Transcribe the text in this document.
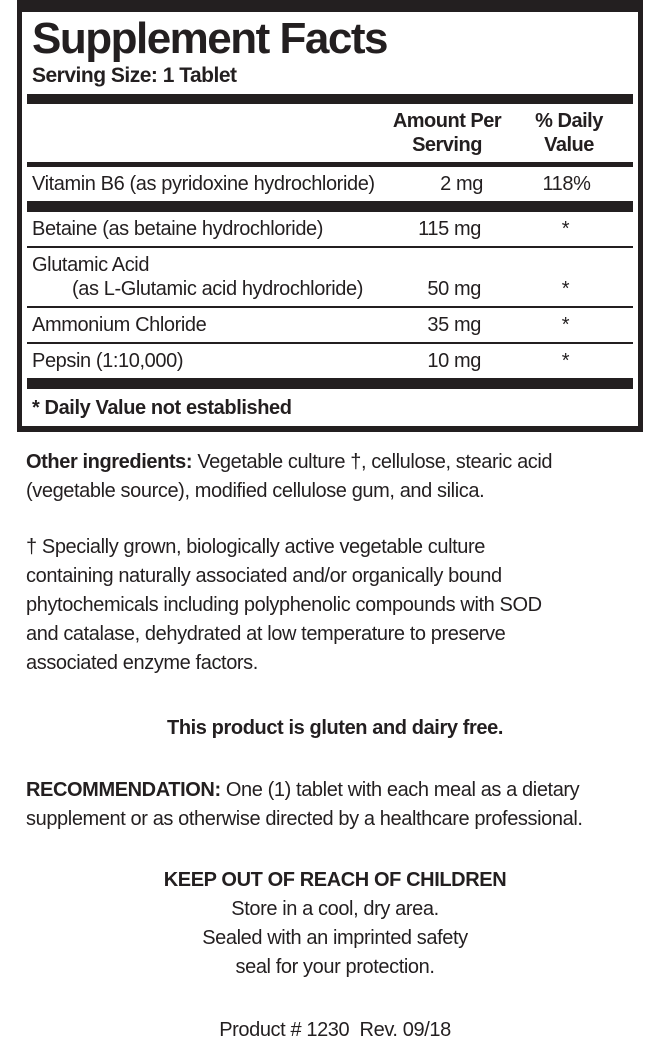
Supplement Facts
Serving Size: 1 Tablet
Amount Per
Serving
% Daily
Value
Vitamin B6 (as pyridoxine hydrochloride)	2 mg	118%
Betaine (as betaine hydrochloride)	115 mg	*
Glutamic Acid
(as L-Glutamic acid hydrochloride)	50 mg	*
Ammonium Chloride	35 mg	*
Pepsin (1:10,000)	10 mg	*
* Daily Value not established
Other ingredients: Vegetable culture †, cellulose, stearic acid
(vegetable source), modified cellulose gum, and silica.
† Specially grown, biologically active vegetable culture
containing naturally associated and/or organically bound
phytochemicals including polyphenolic compounds with SOD
and catalase, dehydrated at low temperature to preserve
associated enzyme factors.
This product is gluten and dairy free.
RECOMMENDATION: One (1) tablet with each meal as a dietary
supplement or as otherwise directed by a healthcare professional.
KEEP OUT OF REACH OF CHILDREN
Store in a cool, dry area.
Sealed with an imprinted safety
seal for your protection.
Product # 1230  Rev. 09/18
